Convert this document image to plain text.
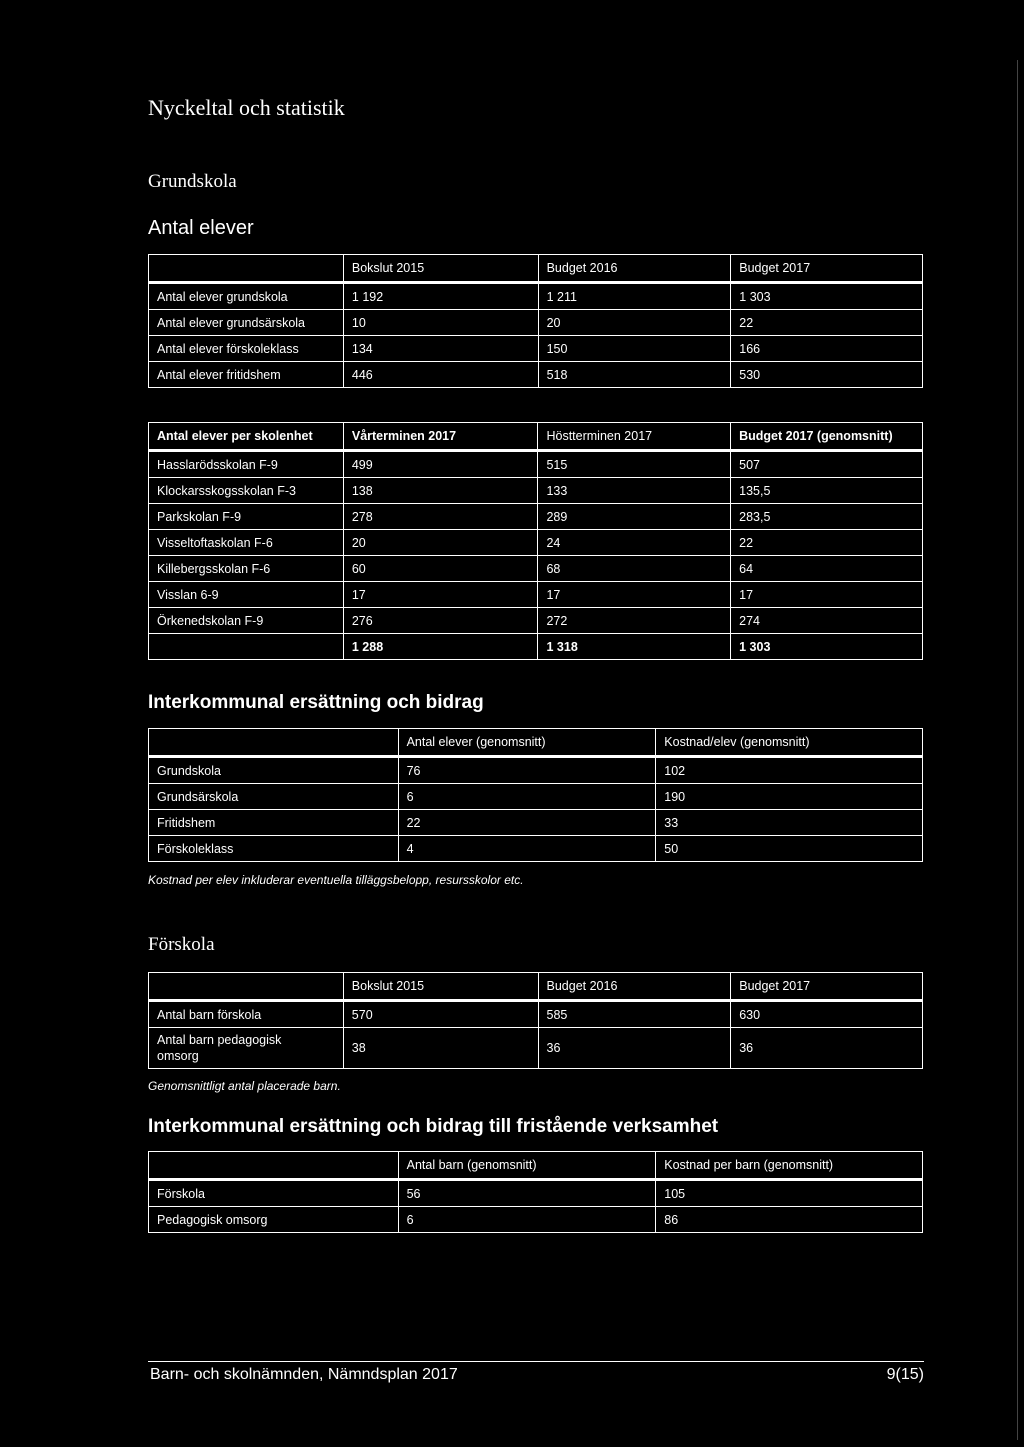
Nyckeltal och statistik
Grundskola
Antal elever
	Bokslut 2015	Budget 2016	Budget 2017
Antal elever grundskola	1 192	1 211	1 303
Antal elever grundsärskola	10	20	22
Antal elever förskoleklass	134	150	166
Antal elever fritidshem	446	518	530
Antal elever per skolenhet	Vårterminen 2017	Höstterminen 2017	Budget 2017 (genomsnitt)
Hasslarödsskolan F-9	499	515	507
Klockarsskogsskolan F-3	138	133	135,5
Parkskolan F-9	278	289	283,5
Visseltoftaskolan F-6	20	24	22
Killebergsskolan F-6	60	68	64
Visslan 6-9	17	17	17
Örkenedskolan F-9	276	272	274
	1 288	1 318	1 303
Interkommunal ersättning och bidrag
	Antal elever (genomsnitt)	Kostnad/elev (genomsnitt)
Grundskola	76	102
Grundsärskola	6	190
Fritidshem	22	33
Förskoleklass	4	50
Kostnad per elev inkluderar eventuella tilläggsbelopp, resursskolor etc.
Förskola
	Bokslut 2015	Budget 2016	Budget 2017
Antal barn förskola	570	585	630
Antal barn pedagogisk omsorg	38	36	36
Genomsnittligt antal placerade barn.
Interkommunal ersättning och bidrag till fristående verksamhet
	Antal barn (genomsnitt)	Kostnad per barn (genomsnitt)
Förskola	56	105
Pedagogisk omsorg	6	86
Barn- och skolnämnden, Nämndsplan 2017	9(15)
